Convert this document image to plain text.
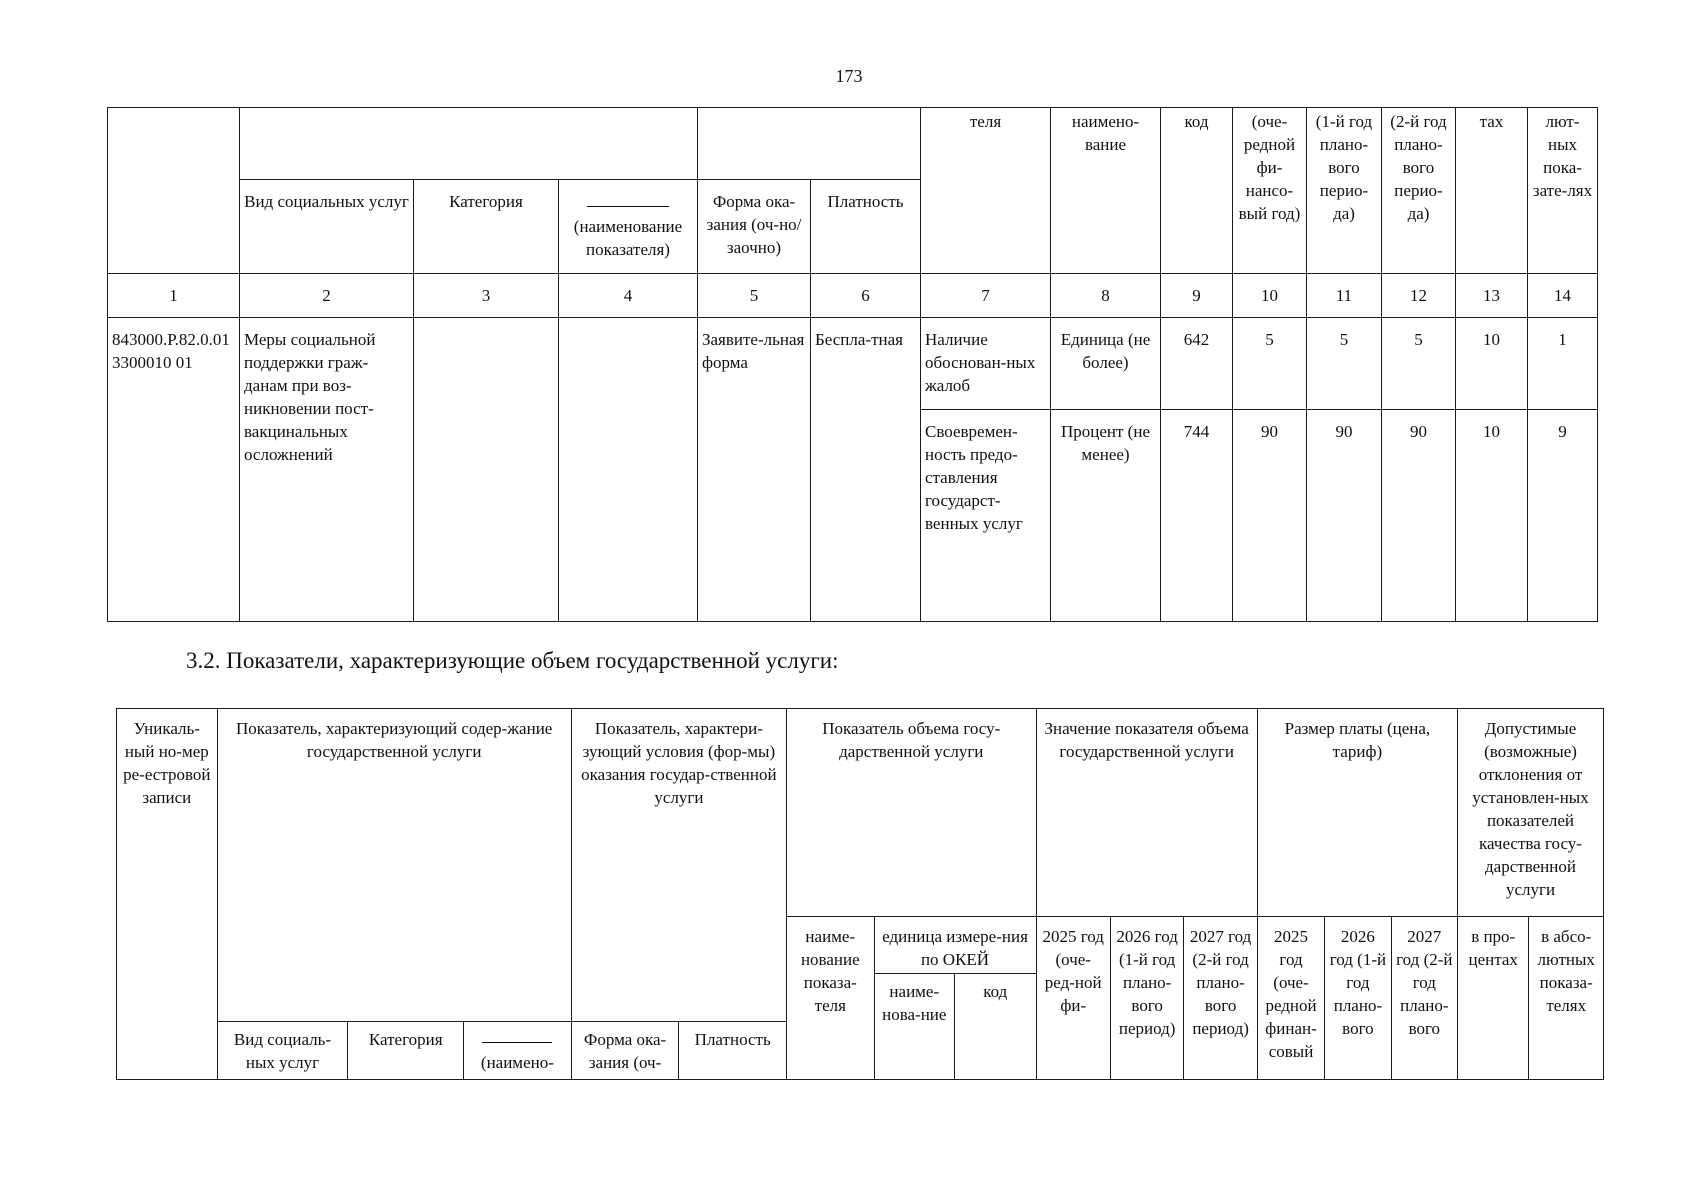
173
						теля	наимено-вание	код	(оче-редной фи-нансо-вый год)	(1-й год плано-вого перио-да)	(2-й год плано-вого перио-да)	тах	лют-ных пока-зате-лях
	Вид социальных услуг	Категория	(наименование показателя)	Форма ока-зания (оч-но/заочно)	Платность								
1	2	3	4	5	6	7	8	9	10	11	12	13	14
843000.Р.82.0.013300010 01	Меры социальной поддержки граж-данам при воз-никновении пост-вакцинальных осложнений			Заявите-льная форма	Бесплa-тная	Наличие обоснован-ных жалоб	Единица (не более)	642	5	5	5	10	1
						Своевремен-ность предо-ставления государст-венных услуг	Процент (не менее)	744	90	90	90	10	9
3.2. Показатели, характеризующие объем государственной услуги:
Уникаль-ный но-мер ре-естровой записи	Показатель, характеризующий содер-жание государственной услуги			Показатель, характери-зующий условия (фор-мы) оказания государ-ственной услуги		Показатель объема госу-дарственной услуги			Значение показателя объема государственной услуги			Размер платы (цена, тариф)			Допустимые (возможные) отклонения от установлен-ных показателей качества госу-дарственной услуги	
						наиме-нование показа-теля	единица измере-ния по ОКЕЙ		2025 год (оче-ред-ной фи-	2026 год (1-й год плано-вого период)	2027 год (2-й год плано-вого период)	2025 год (оче-редной финан-совый	2026 год (1-й год плано-вого	2027 год (2-й год плано-вого	в про-центах	в абсо-лютных показа-телях
							наиме-нова-ние	код								
	Вид социаль-ных услуг	Категория	(наимено-	Форма ока-зания (оч-	Платность											
